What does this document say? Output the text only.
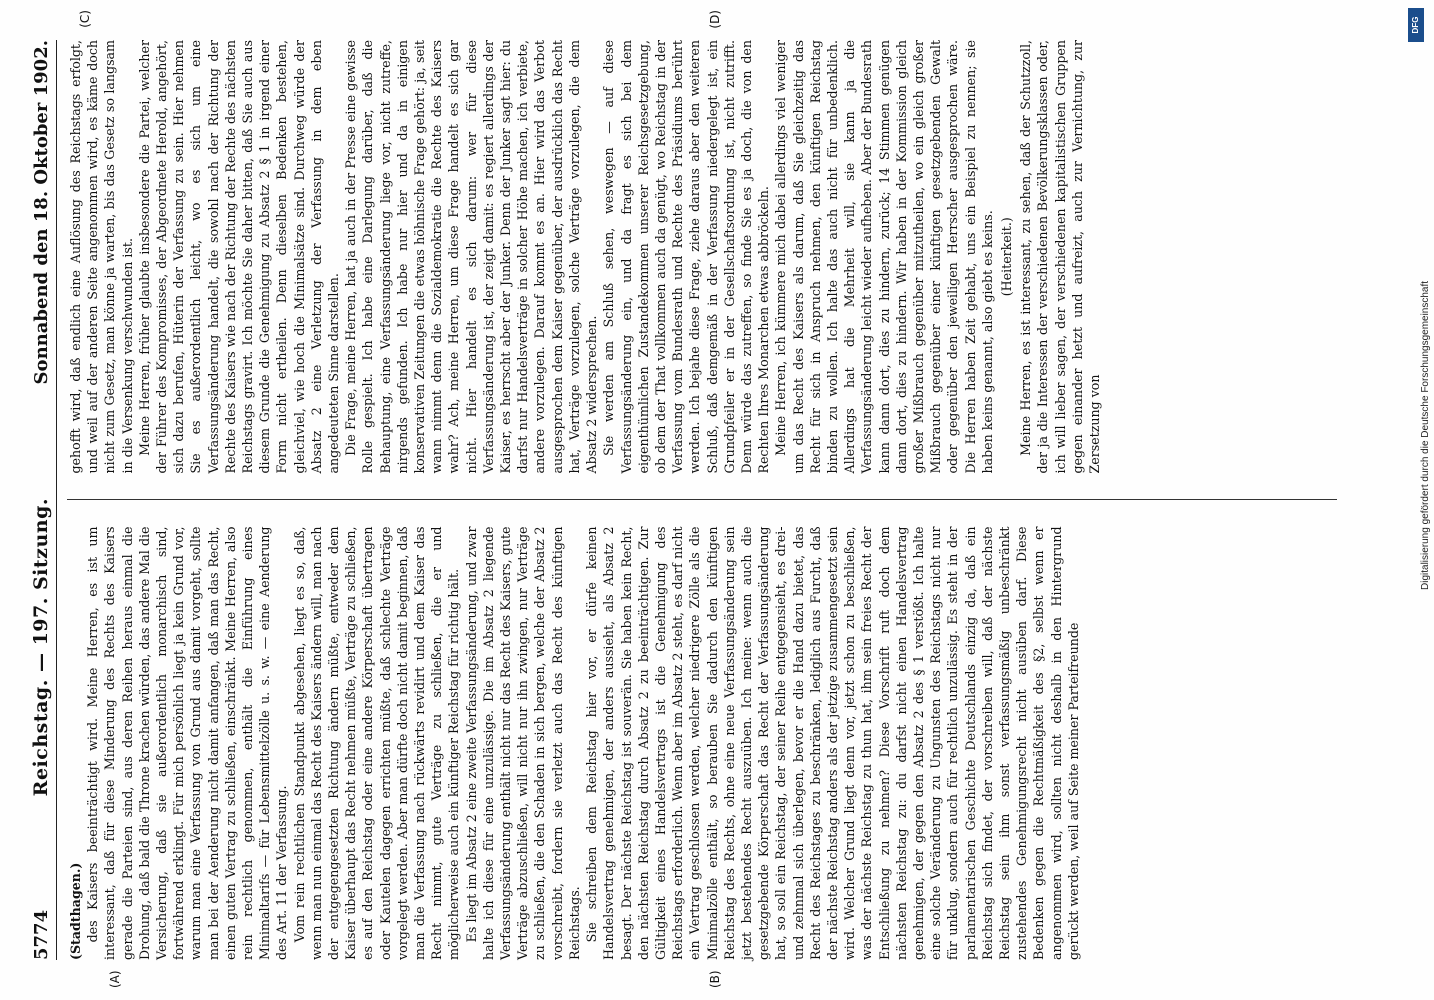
5774
Reichstag. — 197. Sitzung.
Sonnabend den 18. Oktober 1902.
(A)	(B)

(Stadthagen.) des Kaisers beeinträchtigt wird. Meine Herren, es ist um interessant, daß für diese Minderung des Rechts des Kaisers gerade die Parteien sind, aus deren Reihen heraus einmal die Drohung, daß bald die Throne krachen würden, das andere Mal die Versicherung, daß sie außerordentlich monarchisch sind, fortwährend erklingt. Für mich persönlich liegt ja kein Grund vor, warum man eine Verfassung von Grund aus damit vorgeht, sollte man bei der Aenderung nicht damit anfangen, daß man das Recht, einen guten Vertrag zu schließen, einschränkt. Meine Herren, also rein rechtlich genommen, enthält die Einführung eines Minimaltarifs — für Lebensmittelzölle u. s. w. — eine Aenderung des Art. 11 der Verfassung. Vom rein rechtlichen Standpunkt abgesehen, liegt es so, daß, wenn man nun einmal das Recht des Kaisers ändern will, man nach der entgegengesetzten Richtung ändern müßte, entweder dem Kaiser überhaupt das Recht nehmen müßte, Verträge zu schließen, es auf den Reichstag oder eine andere Körperschaft übertragen oder Kautelen dagegen errichten müßte, daß schlechte Verträge vorgelegt werden. Aber man dürfte doch nicht damit beginnen, daß man die Verfassung nach rückwärts revidirt und dem Kaiser das Recht nimmt, gute Verträge zu schließen, die er und möglicherweise auch ein künftiger Reichstag für richtig hält. Es liegt im Absatz 2 eine zweite Verfassungsänderung, und zwar halte ich diese für eine unzulässige. Die im Absatz 2 liegende Verfassungsänderung enthält nicht nur das Recht des Kaisers, gute Verträge abzuschließen, will nicht nur ihn zwingen, nur Verträge zu schließen, die den Schaden in sich bergen, welche der Absatz 2 vorschreibt, fordern sie verletzt auch das Recht des künftigen Reichstags. Sie schreiben dem Reichstag hier vor, er dürfe keinen Handelsvertrag genehmigen, der anders aussieht, als Absatz 2 besagt. Der nächste Reichstag ist souverän. Sie haben kein Recht, den nächsten Reichstag durch Absatz 2 zu beeinträchtigen. Zur Gültigkeit eines Handelsvertrags ist die Genehmigung des Reichstags erforderlich. Wenn aber im Absatz 2 steht, es darf nicht ein Vertrag geschlossen werden, welcher niedrigere Zölle als die Minimalzölle enthält, so berauben Sie dadurch den künftigen Reichstag des Rechts, ohne eine neue Verfassungsänderung sein jetzt bestehendes Recht auszuüben. Ich meine: wenn auch die gesetzgebende Körperschaft das Recht der Verfassungsänderung hat, so soll ein Reichstag, der seiner Reihe entgegensieht, es drei- und zehnmal sich überlegen, bevor er die Hand dazu bietet, das Recht des Reichstages zu beschränken, lediglich aus Furcht, daß der nächste Reichstag anders als der jetzige zusammengesetzt sein wird. Welcher Grund liegt denn vor, jetzt schon zu beschließen, was der nächste Reichstag zu thun hat, ihm sein freies Recht der Entschließung zu nehmen? Diese Vorschrift ruft doch dem nächsten Reichstag zu: du darfst nicht einen Handelsvertrag genehmigen, der gegen den Absatz 2 des § 1 verstößt. Ich halte eine solche Veränderung zu Ungunsten des Reichstags nicht nur für unklug, sondern auch für rechtlich unzulässig. Es steht in der parlamentarischen Geschichte Deutschlands einzig da, daß ein Reichstag sich findet, der vorschreiben will, daß der nächste Reichstag sein ihm sonst verfassungsmäßig unbeschränkt zustehendes Genehmigungsrecht nicht ausüben darf. Diese Bedenken gegen die Rechtmäßigkeit des §2, selbst wenn er angenommen wird, sollten nicht deshalb in den Hintergrund gerückt werden, weil auf Seite meiner Parteifreunde

(C)	(D)

gehofft wird, daß endlich eine Auflösung des Reichstags erfolgt, und weil auf der anderen Seite angenommen wird, es käme doch nicht zum Gesetz, man könne ja warten, bis das Gesetz so langsam in die Versenkung verschwunden ist. Meine Herren, früher glaubte insbesondere die Partei, welcher der Führer des Kompromisses, der Abgeordnete Herold, angehört, sich dazu berufen, Hüterin der Verfassung zu sein. Hier nehmen Sie es außerordentlich leicht, wo es sich um eine Verfassungsänderung handelt, die sowohl nach der Richtung der Rechte des Kaisers wie nach der Richtung der Rechte des nächsten Reichstags gravirt. Ich möchte Sie daher bitten, daß Sie auch aus diesem Grunde die Genehmigung zu Absatz 2 § 1 in irgend einer Form nicht ertheilen. Denn dieselben Bedenken bestehen, gleichviel, wie hoch die Minimalsätze sind. Durchweg würde der Absatz 2 eine Verletzung der Verfassung in dem eben angedeuteten Sinne darstellen. Die Frage, meine Herren, hat ja auch in der Presse eine gewisse Rolle gespielt. Ich habe eine Darlegung darüber, daß die Behauptung, eine Verfassungsänderung liege vor, nicht zutreffe, nirgends gefunden. Ich habe nur hier und da in einigen konservativen Zeitungen die etwas höhnische Frage gehört: ja, seit wann nimmt denn die Sozialdemokratie die Rechte des Kaisers wahr? Ach, meine Herren, um diese Frage handelt es sich gar nicht. Hier handelt es sich darum: wer für diese Verfassungsänderung ist, der zeigt damit: es regiert allerdings der Kaiser, es herrscht aber der Junker. Denn der Junker sagt hier: du darfst nur Handelsverträge in solcher Höhe machen, ich verbiete, andere vorzulegen. Darauf kommt es an. Hier wird das Verbot ausgesprochen dem Kaiser gegenüber, der ausdrücklich das Recht hat, Verträge vorzulegen, solche Verträge vorzulegen, die dem Absatz 2 widersprechen. Sie werden am Schluß sehen, weswegen — auf diese Verfassungsänderung ein, und da fragt es sich bei dem eigenthümlichen Zustandekommen unserer Reichsgesetzgebung, ob dem der That vollkommen auch da genügt, wo Reichstag in der Verfassung vom Bundesrath und Rechte des Präsidiums berührt werden. Ich bejahe diese Frage, ziehe daraus aber den weiteren Schluß, daß demgemäß in der Verfassung niedergelegt ist, ein Grundpfeiler er in der Gesellschaftsordnung ist, nicht zutrifft. Denn würde das zutreffen, so finde Sie es ja doch, die von den Rechten Ihres Monarchen etwas abbröckeln. Meine Herren, ich kümmere mich dabei allerdings viel weniger um das Recht des Kaisers als darum, daß Sie gleichzeitig das Recht für sich in Anspruch nehmen, den künftigen Reichstag binden zu wollen. Ich halte das auch nicht für unbedenklich. Allerdings hat die Mehrheit will, sie kann ja die Verfassungsänderung leicht wieder aufheben. Aber der Bundesrath kann dann dort, dies zu hindern, zurück; 14 Stimmen genügen dann dort, dies zu hindern. Wir haben in der Kommission gleich großer Mißbrauch gegenüber mitzutheilen, wo ein gleich großer Mißbrauch gegenüber einer künftigen gesetzgebenden Gewalt oder gegenüber den jeweiligen Herrscher ausgesprochen wäre. Die Herren haben Zeit gehabt, uns ein Beispiel zu nennen; sie haben keins genannt, also giebt es keins. (Heiterkeit.) Meine Herren, es ist interessant, zu sehen, daß der Schutzzoll, der ja die Interessen der verschiedenen Bevölkerungsklassen oder, ich will lieber sagen, der verschiedenen kapitalistischen Gruppen gegen einander hetzt und aufreizt, auch zur Vernichtung, zur Zersetzung von

DFG
Digitalisierung gefördert durch die Deutsche Forschungsgemeinschaft
